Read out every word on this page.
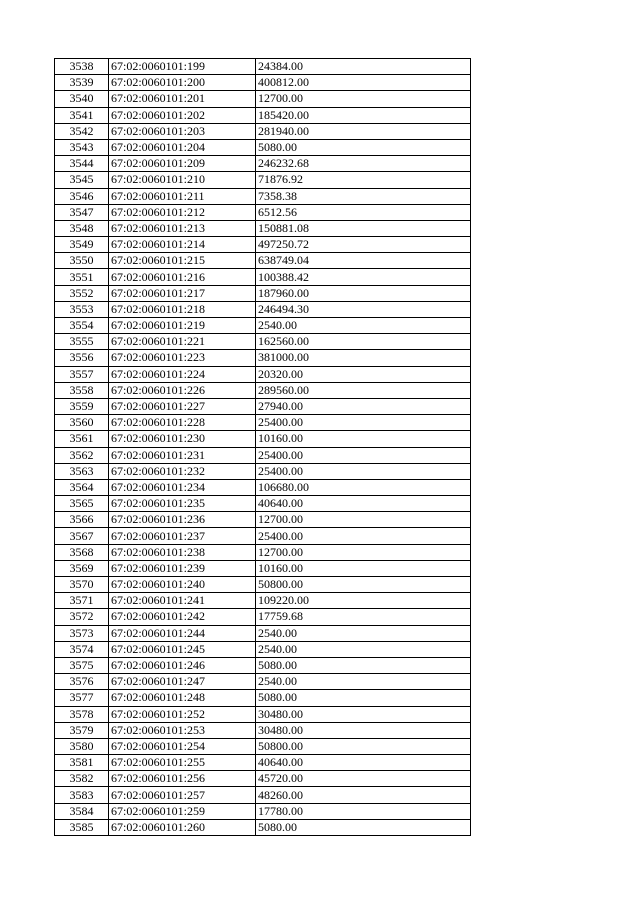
3538	67:02:0060101:199	24384.00
3539	67:02:0060101:200	400812.00
3540	67:02:0060101:201	12700.00
3541	67:02:0060101:202	185420.00
3542	67:02:0060101:203	281940.00
3543	67:02:0060101:204	5080.00
3544	67:02:0060101:209	246232.68
3545	67:02:0060101:210	71876.92
3546	67:02:0060101:211	7358.38
3547	67:02:0060101:212	6512.56
3548	67:02:0060101:213	150881.08
3549	67:02:0060101:214	497250.72
3550	67:02:0060101:215	638749.04
3551	67:02:0060101:216	100388.42
3552	67:02:0060101:217	187960.00
3553	67:02:0060101:218	246494.30
3554	67:02:0060101:219	2540.00
3555	67:02:0060101:221	162560.00
3556	67:02:0060101:223	381000.00
3557	67:02:0060101:224	20320.00
3558	67:02:0060101:226	289560.00
3559	67:02:0060101:227	27940.00
3560	67:02:0060101:228	25400.00
3561	67:02:0060101:230	10160.00
3562	67:02:0060101:231	25400.00
3563	67:02:0060101:232	25400.00
3564	67:02:0060101:234	106680.00
3565	67:02:0060101:235	40640.00
3566	67:02:0060101:236	12700.00
3567	67:02:0060101:237	25400.00
3568	67:02:0060101:238	12700.00
3569	67:02:0060101:239	10160.00
3570	67:02:0060101:240	50800.00
3571	67:02:0060101:241	109220.00
3572	67:02:0060101:242	17759.68
3573	67:02:0060101:244	2540.00
3574	67:02:0060101:245	2540.00
3575	67:02:0060101:246	5080.00
3576	67:02:0060101:247	2540.00
3577	67:02:0060101:248	5080.00
3578	67:02:0060101:252	30480.00
3579	67:02:0060101:253	30480.00
3580	67:02:0060101:254	50800.00
3581	67:02:0060101:255	40640.00
3582	67:02:0060101:256	45720.00
3583	67:02:0060101:257	48260.00
3584	67:02:0060101:259	17780.00
3585	67:02:0060101:260	5080.00
